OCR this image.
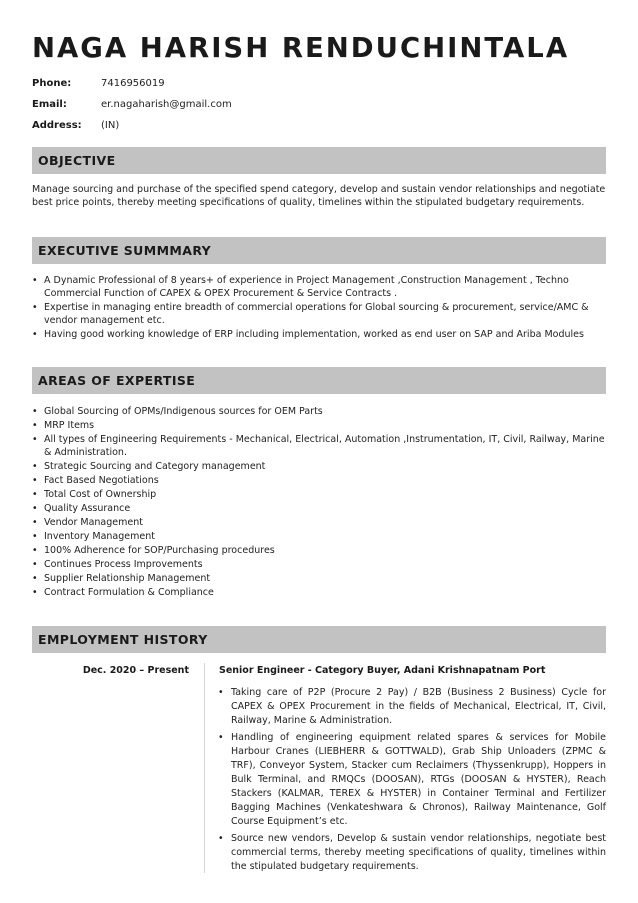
NAGA HARISH RENDUCHINTALA
Phone:	7416956019
Email:	er.nagaharish@gmail.com
Address: (IN)
OBJECTIVE

Manage sourcing and purchase of the specified spend category, develop and sustain vendor relationships and negotiate best price points, thereby meeting specifications of quality, timelines within the stipulated budgetary requirements.

EXECUTIVE SUMMMARY
• A Dynamic Professional of 8 years+ of experience in Project Management ,Construction Management , Techno Commercial Function of CAPEX & OPEX Procurement & Service Contracts .
• Expertise in managing entire breadth of commercial operations for Global sourcing & procurement, service/AMC & vendor management etc.
• Having good working knowledge of ERP including implementation, worked as end user on SAP and Ariba Modules
AREAS OF EXPERTISE
• Global Sourcing of OPMs/Indigenous sources for OEM Parts
• MRP Items
• All types of Engineering Requirements - Mechanical, Electrical, Automation ,Instrumentation, IT, Civil, Railway, Marine & Administration.
• Strategic Sourcing and Category management
• Fact Based Negotiations
• Total Cost of Ownership
• Quality Assurance
• Vendor Management
• Inventory Management
• 100% Adherence for SOP/Purchasing procedures
• Continues Process Improvements
• Supplier Relationship Management
• Contract Formulation & Compliance
EMPLOYMENT HISTORY
Dec. 2020 – Present	Senior Engineer - Category Buyer, Adani Krishnapatnam Port
• Taking care of P2P (Procure 2 Pay) / B2B (Business 2 Business) Cycle for CAPEX & OPEX Procurement in the fields of Mechanical, Electrical, IT, Civil, Railway, Marine & Administration.
• Handling of engineering equipment related spares & services for Mobile Harbour Cranes (LIEBHERR & GOTTWALD), Grab Ship Unloaders (ZPMC & TRF), Conveyor System, Stacker cum Reclaimers (Thyssenkrupp), Hoppers in Bulk Terminal, and RMQCs (DOOSAN), RTGs (DOOSAN & HYSTER), Reach Stackers (KALMAR, TEREX & HYSTER) in Container Terminal and Fertilizer Bagging Machines (Venkateshwara & Chronos), Railway Maintenance, Golf Course Equipment’s etc.
• Source new vendors, Develop & sustain vendor relationships, negotiate best commercial terms, thereby meeting specifications of quality, timelines within the stipulated budgetary requirements.
